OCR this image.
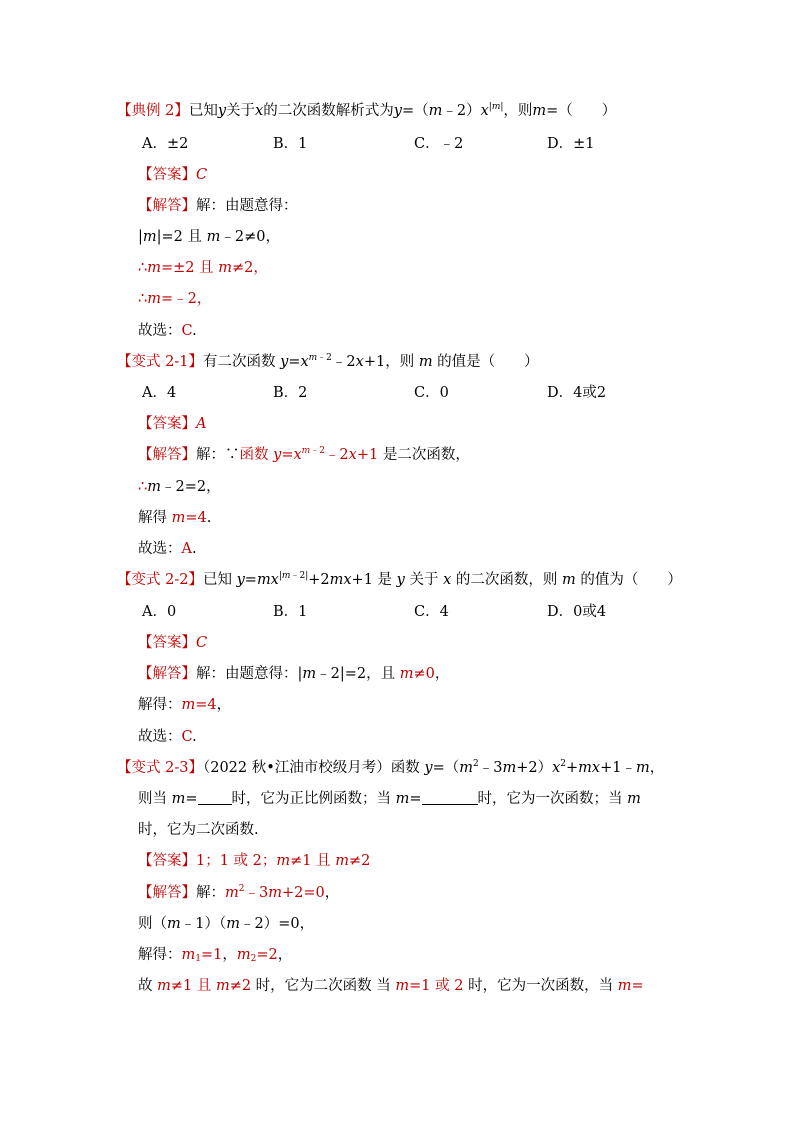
【典例 2】已知y关于x的二次函数解析式为$y=(m﹣2)x^{|m|}$，则m=（　　）
A．±2	B．1	C．﹣2	D．±1
【答案】C
【解答】解：由题意得：
|m|=2 且 m﹣2≠0，
∴m=±2 且 m≠2，
∴m=﹣2，
故选：C.
【变式 2-1】有二次函数 $y=x^{m﹣2}﹣2x+1$，则 m 的值是（　　）
A．4	B．2	C．0	D．4或2
【答案】A
【解答】解：∵函数 $y=x^{m﹣2}﹣2x+1$ 是二次函数，
∴m﹣2=2，
解得 m=4.
故选：A.
【变式 2-2】已知 $y=mx^{|m﹣2|}+2mx+1$ 是 y 关于 x 的二次函数，则 m 的值为（　　）
A．0	B．1	C．4	D．0或4
【答案】C
【解答】解：由题意得：|m﹣2|=2，且 m≠0，
解得：m=4，
故选：C.
【变式 2-3】（2022 秋•江油市校级月考）函数 $y=(m^2﹣3m+2)x^2+mx+1﹣m$，
则当 m= 时，它为正比例函数；当 m=	时，它为一次函数；当 m
时，它为二次函数.
【答案】1；1 或 2；m≠1 且 m≠2
【解答】解：$m^2﹣3m+2=0$，
则（m﹣1）（m﹣2）=0，
解得：$m_1=1$，$m_2=2$，
故 m≠1 且 m≠2 时，它为二次函数 当 m=1 或 2 时，它为一次函数，当 m=
